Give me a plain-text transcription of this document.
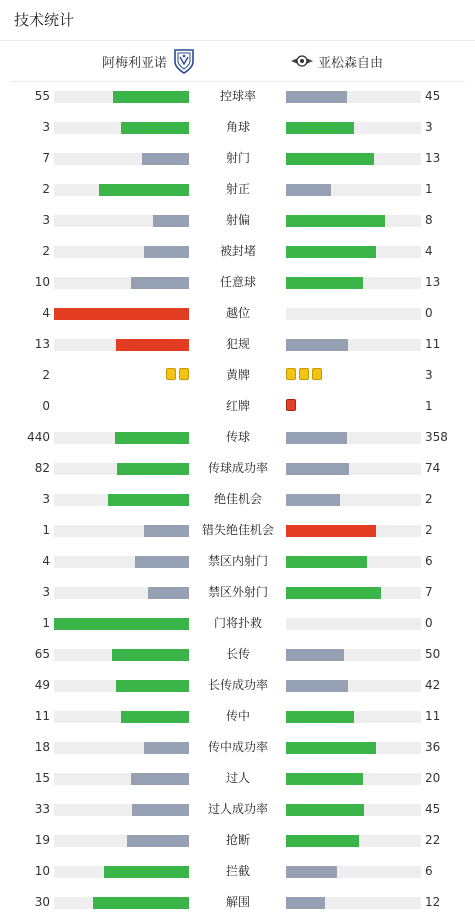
技术统计
阿梅利亚诺	亚松森自由
55	控球率	45
3	角球	3
7	射门	13
2	射正	1
3	射偏	8
2	被封堵	4
10	任意球	13
4	越位	0
13	犯规	11
2	黄牌	3
0	红牌	1
440	传球	358
82	传球成功率	74
3	绝佳机会	2
1	错失绝佳机会	2
4	禁区内射门	6
3	禁区外射门	7
1	门将扑救	0
65	长传	50
49	长传成功率	42
11	传中	11
18	传中成功率	36
15	过人	20
33	过人成功率	45
19	抢断	22
10	拦截	6
30	解围	12
